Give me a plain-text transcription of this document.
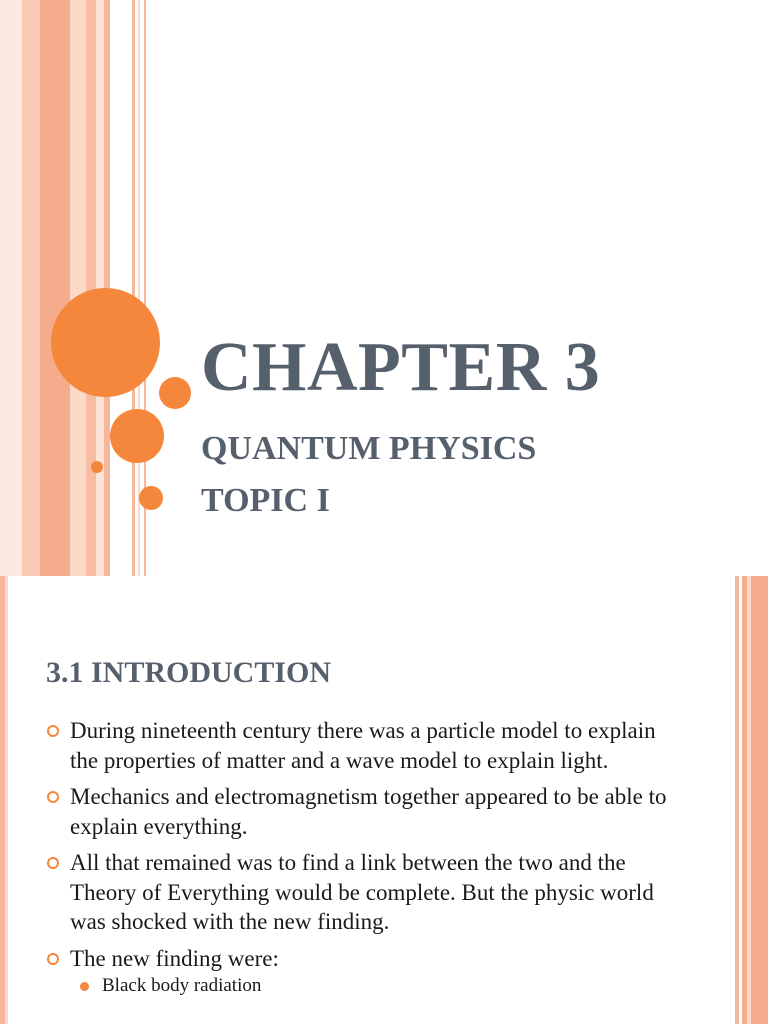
CHAPTER 3
QUANTUM PHYSICS
TOPIC I
3.1 INTRODUCTION
During nineteenth century there was a particle model to explain the properties of matter and a wave model to explain light.
Mechanics and electromagnetism together appeared to be able to explain everything.
All that remained was to find a link between the two and the Theory of Everything would be complete. But the physic world was shocked with the new finding.
The new finding were:
Black body radiation
